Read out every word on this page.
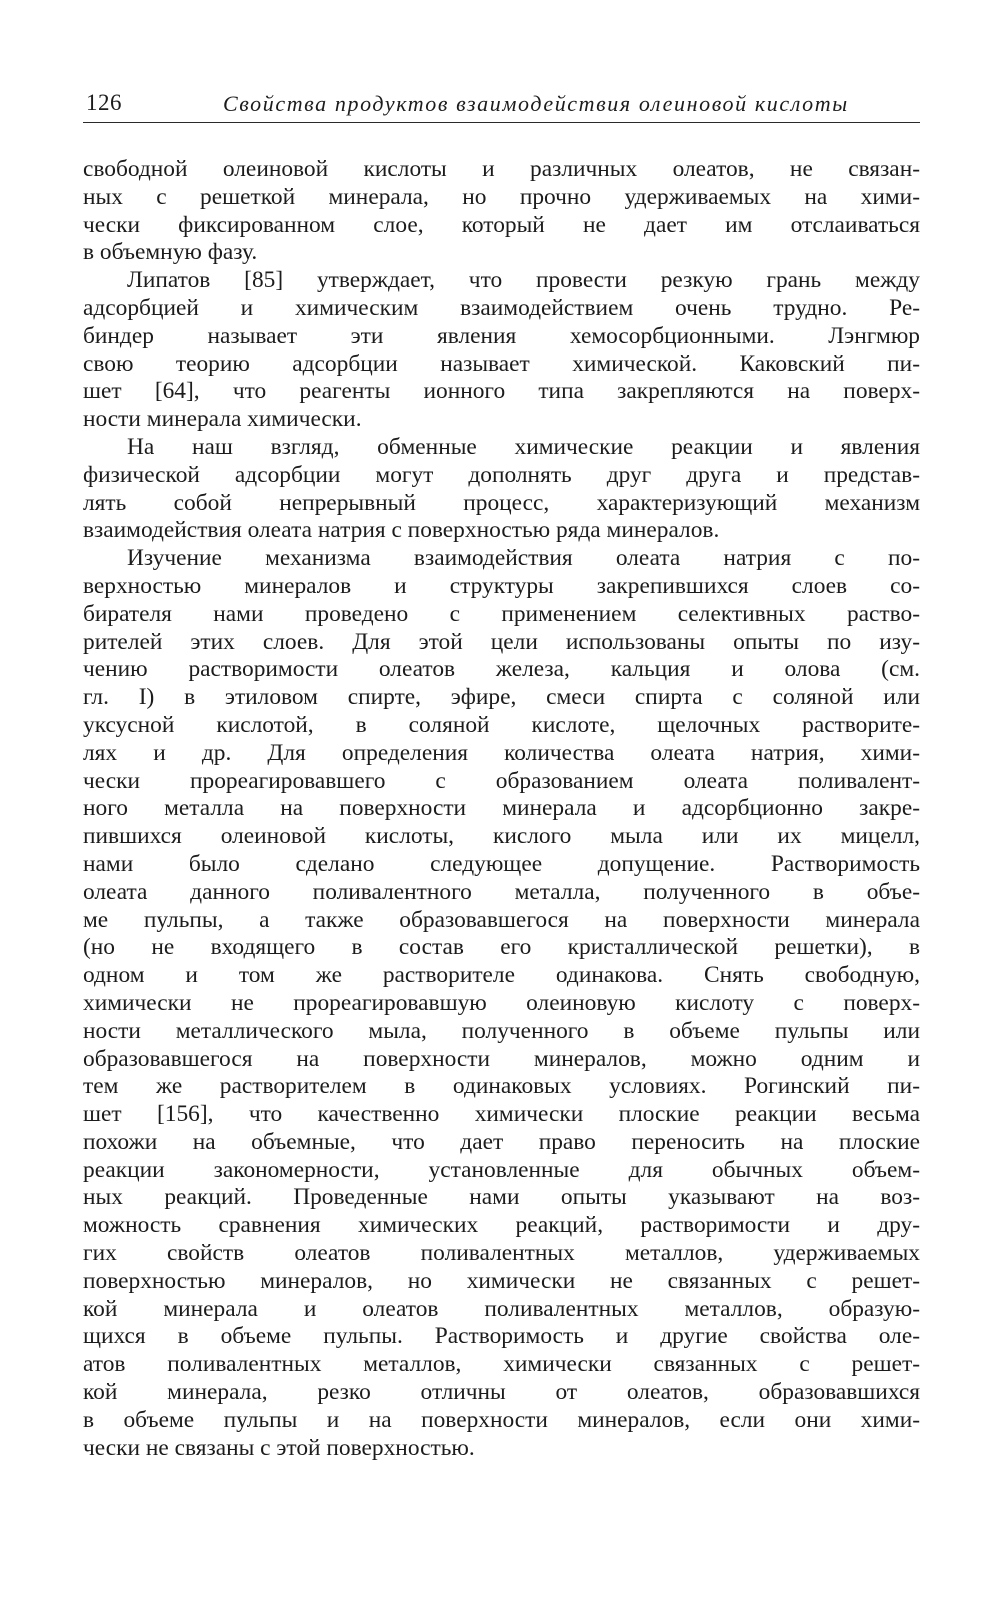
126	Свойства продуктов взаимодействия олеиновой кислоты
свободной олеиновой кислоты и различных олеатов, не связан-
ных с решеткой минерала, но прочно удерживаемых на хими-
чески фиксированном слое, который не дает им отслаиваться
в объемную фазу.
Липатов [85] утверждает, что провести резкую грань между
адсорбцией и химическим взаимодействием очень трудно. Ре-
биндер называет эти явления хемосорбционными. Лэнгмюр
свою теорию адсорбции называет химической. Каковский пи-
шет [64], что реагенты ионного типа закрепляются на поверх-
ности минерала химически.
На наш взгляд, обменные химические реакции и явления
физической адсорбции могут дополнять друг друга и представ-
лять собой непрерывный процесс, характеризующий механизм
взаимодействия олеата натрия с поверхностью ряда минералов.
Изучение механизма взаимодействия олеата натрия с по-
верхностью минералов и структуры закрепившихся слоев со-
бирателя нами проведено с применением селективных раство-
рителей этих слоев. Для этой цели использованы опыты по изу-
чению растворимости олеатов железа, кальция и олова (см.
гл. I) в этиловом спирте, эфире, смеси спирта с соляной или
уксусной кислотой, в соляной кислоте, щелочных растворите-
лях и др. Для определения количества олеата натрия, хими-
чески прореагировавшего с образованием олеата поливалент-
ного металла на поверхности минерала и адсорбционно закре-
пившихся олеиновой кислоты, кислого мыла или их мицелл,
нами было сделано следующее допущение. Растворимость
олеата данного поливалентного металла, полученного в объе-
ме пульпы, а также образовавшегося на поверхности минерала
(но не входящего в состав его кристаллической решетки), в
одном и том же растворителе одинакова. Снять свободную,
химически не прореагировавшую олеиновую кислоту с поверх-
ности металлического мыла, полученного в объеме пульпы или
образовавшегося на поверхности минералов, можно одним и
тем же растворителем в одинаковых условиях. Рогинский пи-
шет [156], что качественно химически плоские реакции весьма
похожи на объемные, что дает право переносить на плоские
реакции закономерности, установленные для обычных объем-
ных реакций. Проведенные нами опыты указывают на воз-
можность сравнения химических реакций, растворимости и дру-
гих свойств олеатов поливалентных металлов, удерживаемых
поверхностью минералов, но химически не связанных с решет-
кой минерала и олеатов поливалентных металлов, образую-
щихся в объеме пульпы. Растворимость и другие свойства оле-
атов поливалентных металлов, химически связанных с решет-
кой минерала, резко отличны от олеатов, образовавшихся
в объеме пульпы и на поверхности минералов, если они хими-
чески не связаны с этой поверхностью.
